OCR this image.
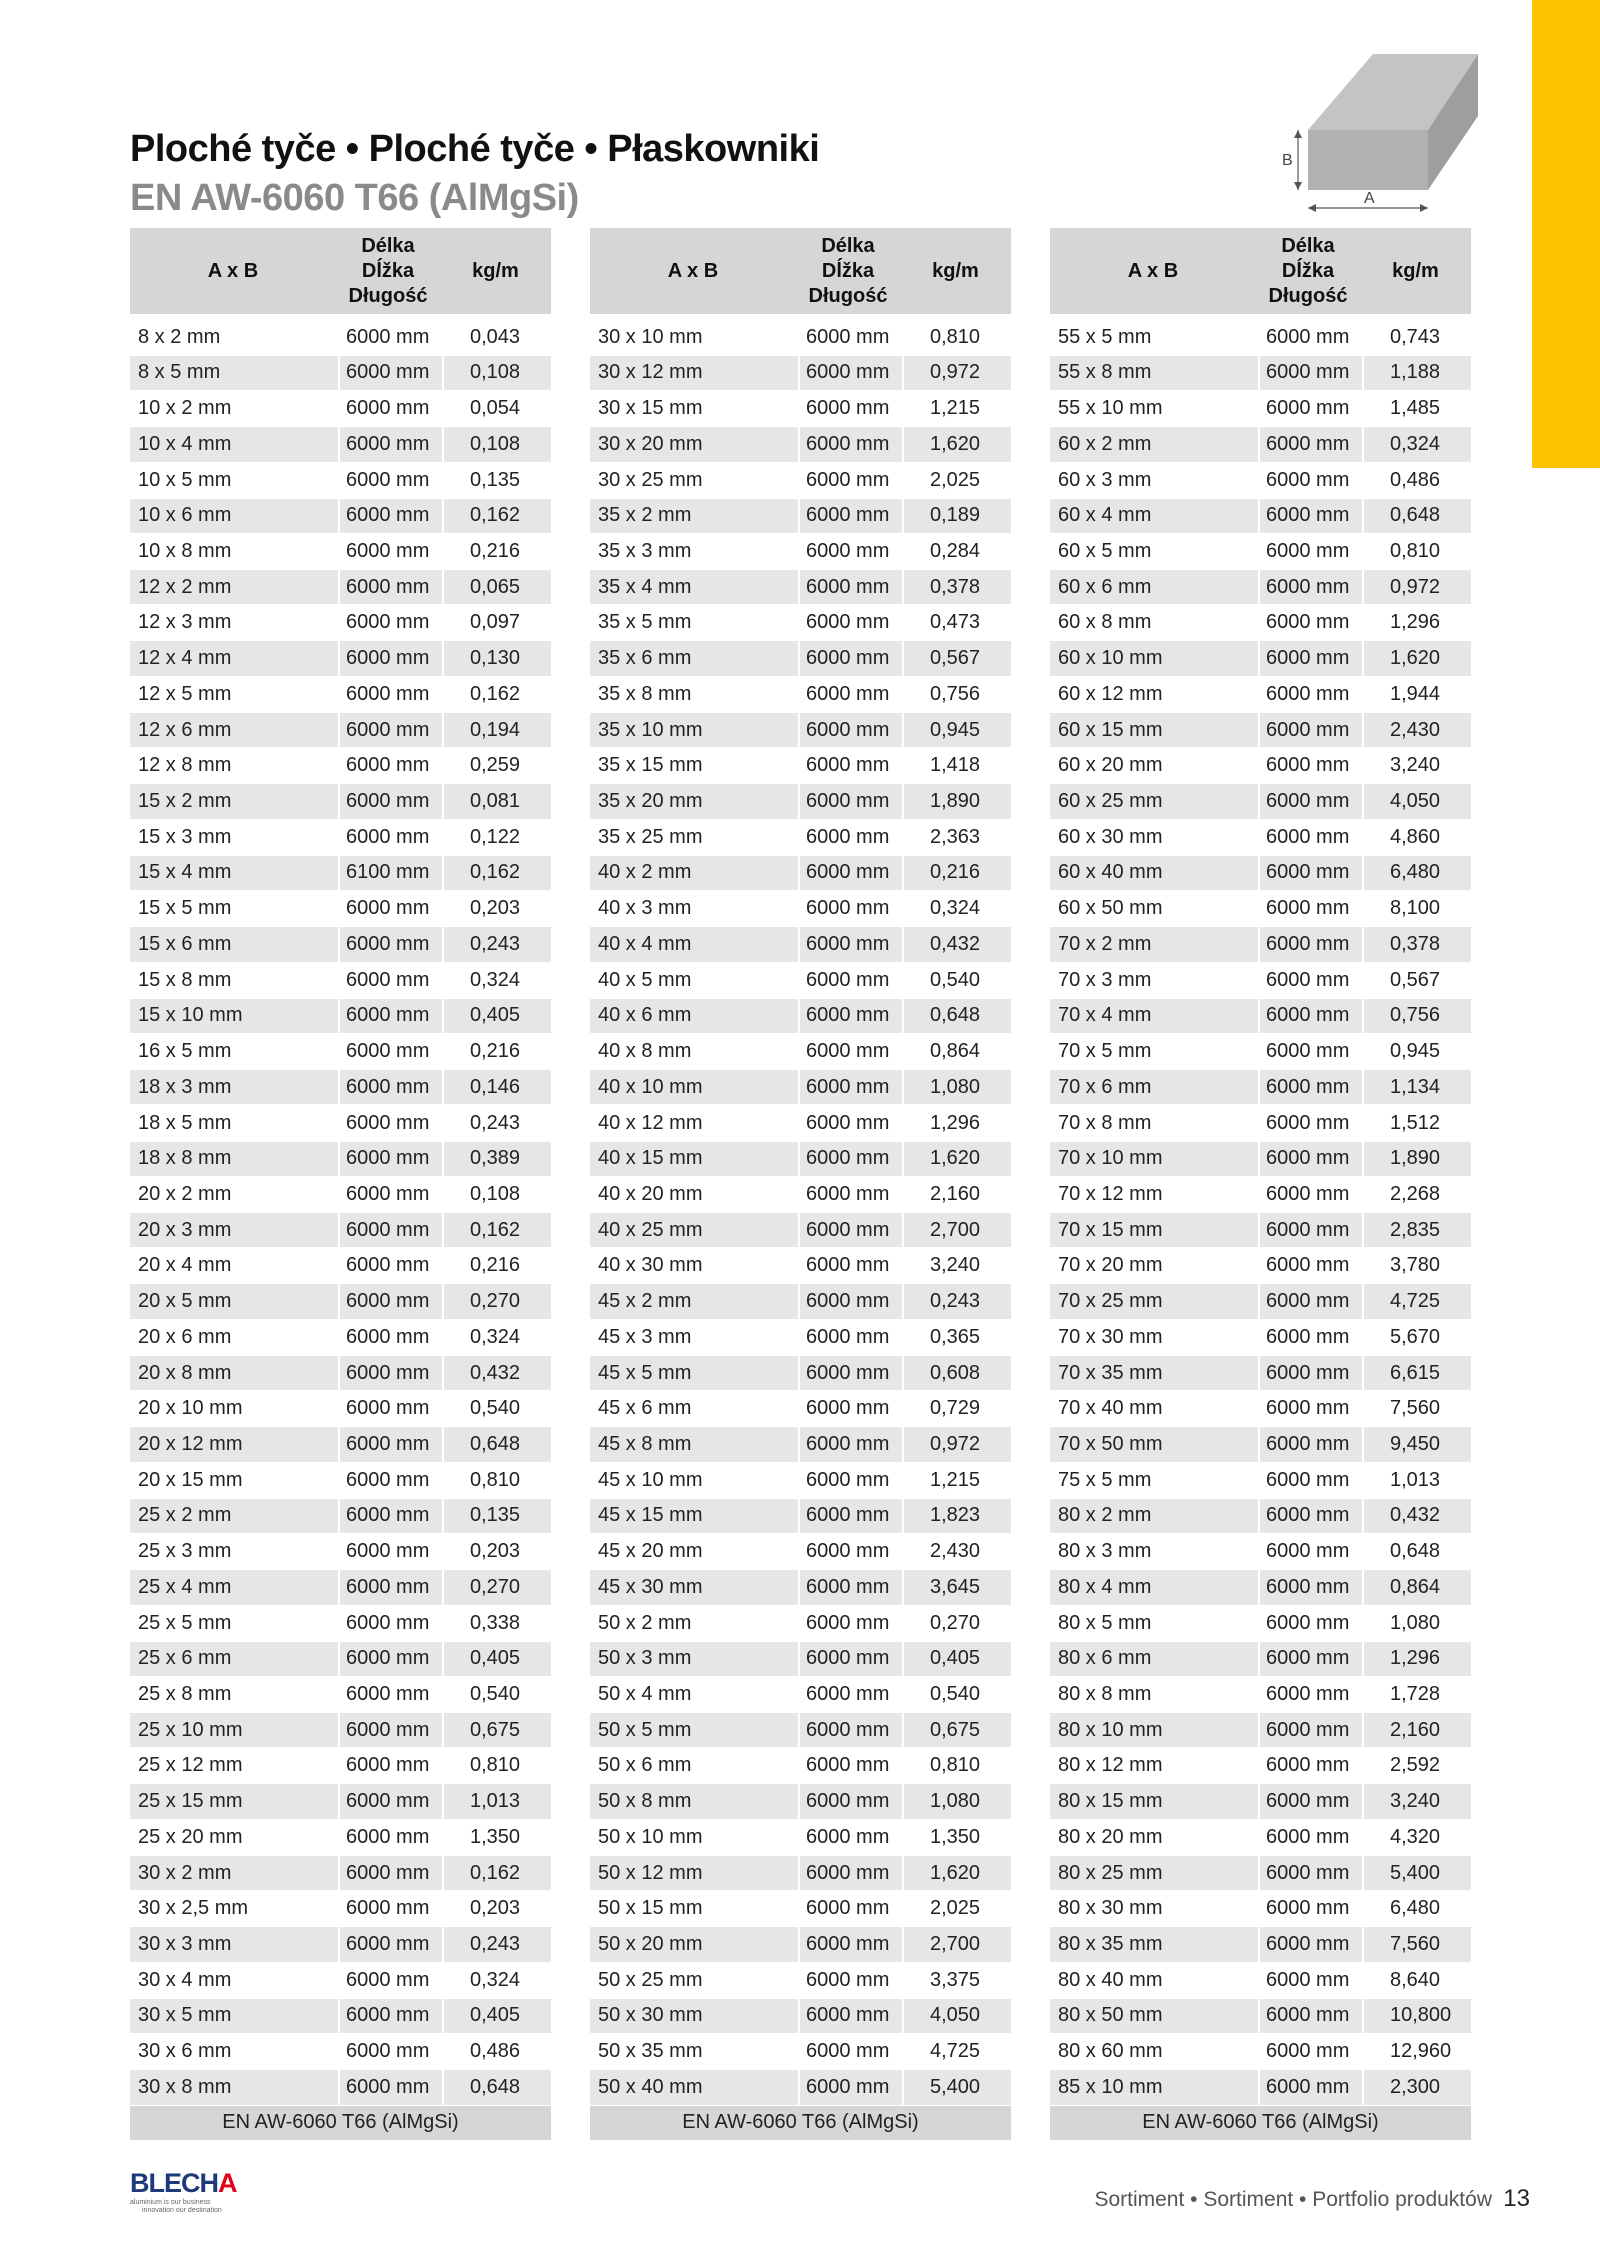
Ploché tyče • Ploché tyče • Płaskowniki
EN AW-6060 T66 (AlMgSi)
B
A
A x B
Délka
Dĺžka
Długość
kg/m
8 x 2 mm	6000 mm	0,043
8 x 5 mm	6000 mm	0,108
10 x 2 mm	6000 mm	0,054
10 x 4 mm	6000 mm	0,108
10 x 5 mm	6000 mm	0,135
10 x 6 mm	6000 mm	0,162
10 x 8 mm	6000 mm	0,216
12 x 2 mm	6000 mm	0,065
12 x 3 mm	6000 mm	0,097
12 x 4 mm	6000 mm	0,130
12 x 5 mm	6000 mm	0,162
12 x 6 mm	6000 mm	0,194
12 x 8 mm	6000 mm	0,259
15 x 2 mm	6000 mm	0,081
15 x 3 mm	6000 mm	0,122
15 x 4 mm	6100 mm	0,162
15 x 5 mm	6000 mm	0,203
15 x 6 mm	6000 mm	0,243
15 x 8 mm	6000 mm	0,324
15 x 10 mm	6000 mm	0,405
16 x 5 mm	6000 mm	0,216
18 x 3 mm	6000 mm	0,146
18 x 5 mm	6000 mm	0,243
18 x 8 mm	6000 mm	0,389
20 x 2 mm	6000 mm	0,108
20 x 3 mm	6000 mm	0,162
20 x 4 mm	6000 mm	0,216
20 x 5 mm	6000 mm	0,270
20 x 6 mm	6000 mm	0,324
20 x 8 mm	6000 mm	0,432
20 x 10 mm	6000 mm	0,540
20 x 12 mm	6000 mm	0,648
20 x 15 mm	6000 mm	0,810
25 x 2 mm	6000 mm	0,135
25 x 3 mm	6000 mm	0,203
25 x 4 mm	6000 mm	0,270
25 x 5 mm	6000 mm	0,338
25 x 6 mm	6000 mm	0,405
25 x 8 mm	6000 mm	0,540
25 x 10 mm	6000 mm	0,675
25 x 12 mm	6000 mm	0,810
25 x 15 mm	6000 mm	1,013
25 x 20 mm	6000 mm	1,350
30 x 2 mm	6000 mm	0,162
30 x 2,5 mm	6000 mm	0,203
30 x 3 mm	6000 mm	0,243
30 x 4 mm	6000 mm	0,324
30 x 5 mm	6000 mm	0,405
30 x 6 mm	6000 mm	0,486
30 x 8 mm	6000 mm	0,648
EN AW-6060 T66 (AlMgSi)
A x B
Délka
Dĺžka
Długość
kg/m
30 x 10 mm	6000 mm	0,810
30 x 12 mm	6000 mm	0,972
30 x 15 mm	6000 mm	1,215
30 x 20 mm	6000 mm	1,620
30 x 25 mm	6000 mm	2,025
35 x 2 mm	6000 mm	0,189
35 x 3 mm	6000 mm	0,284
35 x 4 mm	6000 mm	0,378
35 x 5 mm	6000 mm	0,473
35 x 6 mm	6000 mm	0,567
35 x 8 mm	6000 mm	0,756
35 x 10 mm	6000 mm	0,945
35 x 15 mm	6000 mm	1,418
35 x 20 mm	6000 mm	1,890
35 x 25 mm	6000 mm	2,363
40 x 2 mm	6000 mm	0,216
40 x 3 mm	6000 mm	0,324
40 x 4 mm	6000 mm	0,432
40 x 5 mm	6000 mm	0,540
40 x 6 mm	6000 mm	0,648
40 x 8 mm	6000 mm	0,864
40 x 10 mm	6000 mm	1,080
40 x 12 mm	6000 mm	1,296
40 x 15 mm	6000 mm	1,620
40 x 20 mm	6000 mm	2,160
40 x 25 mm	6000 mm	2,700
40 x 30 mm	6000 mm	3,240
45 x 2 mm	6000 mm	0,243
45 x 3 mm	6000 mm	0,365
45 x 5 mm	6000 mm	0,608
45 x 6 mm	6000 mm	0,729
45 x 8 mm	6000 mm	0,972
45 x 10 mm	6000 mm	1,215
45 x 15 mm	6000 mm	1,823
45 x 20 mm	6000 mm	2,430
45 x 30 mm	6000 mm	3,645
50 x 2 mm	6000 mm	0,270
50 x 3 mm	6000 mm	0,405
50 x 4 mm	6000 mm	0,540
50 x 5 mm	6000 mm	0,675
50 x 6 mm	6000 mm	0,810
50 x 8 mm	6000 mm	1,080
50 x 10 mm	6000 mm	1,350
50 x 12 mm	6000 mm	1,620
50 x 15 mm	6000 mm	2,025
50 x 20 mm	6000 mm	2,700
50 x 25 mm	6000 mm	3,375
50 x 30 mm	6000 mm	4,050
50 x 35 mm	6000 mm	4,725
50 x 40 mm	6000 mm	5,400
EN AW-6060 T66 (AlMgSi)
A x B
Délka
Dĺžka
Długość
kg/m
55 x 5 mm	6000 mm	0,743
55 x 8 mm	6000 mm	1,188
55 x 10 mm	6000 mm	1,485
60 x 2 mm	6000 mm	0,324
60 x 3 mm	6000 mm	0,486
60 x 4 mm	6000 mm	0,648
60 x 5 mm	6000 mm	0,810
60 x 6 mm	6000 mm	0,972
60 x 8 mm	6000 mm	1,296
60 x 10 mm	6000 mm	1,620
60 x 12 mm	6000 mm	1,944
60 x 15 mm	6000 mm	2,430
60 x 20 mm	6000 mm	3,240
60 x 25 mm	6000 mm	4,050
60 x 30 mm	6000 mm	4,860
60 x 40 mm	6000 mm	6,480
60 x 50 mm	6000 mm	8,100
70 x 2 mm	6000 mm	0,378
70 x 3 mm	6000 mm	0,567
70 x 4 mm	6000 mm	0,756
70 x 5 mm	6000 mm	0,945
70 x 6 mm	6000 mm	1,134
70 x 8 mm	6000 mm	1,512
70 x 10 mm	6000 mm	1,890
70 x 12 mm	6000 mm	2,268
70 x 15 mm	6000 mm	2,835
70 x 20 mm	6000 mm	3,780
70 x 25 mm	6000 mm	4,725
70 x 30 mm	6000 mm	5,670
70 x 35 mm	6000 mm	6,615
70 x 40 mm	6000 mm	7,560
70 x 50 mm	6000 mm	9,450
75 x 5 mm	6000 mm	1,013
80 x 2 mm	6000 mm	0,432
80 x 3 mm	6000 mm	0,648
80 x 4 mm	6000 mm	0,864
80 x 5 mm	6000 mm	1,080
80 x 6 mm	6000 mm	1,296
80 x 8 mm	6000 mm	1,728
80 x 10 mm	6000 mm	2,160
80 x 12 mm	6000 mm	2,592
80 x 15 mm	6000 mm	3,240
80 x 20 mm	6000 mm	4,320
80 x 25 mm	6000 mm	5,400
80 x 30 mm	6000 mm	6,480
80 x 35 mm	6000 mm	7,560
80 x 40 mm	6000 mm	8,640
80 x 50 mm	6000 mm	10,800
80 x 60 mm	6000 mm	12,960
85 x 10 mm	6000 mm	2,300
EN AW-6060 T66 (AlMgSi)
BLECHA
aluminium is our business
innovation our destination	Sortiment • Sortiment • Portfolio produktów 13
